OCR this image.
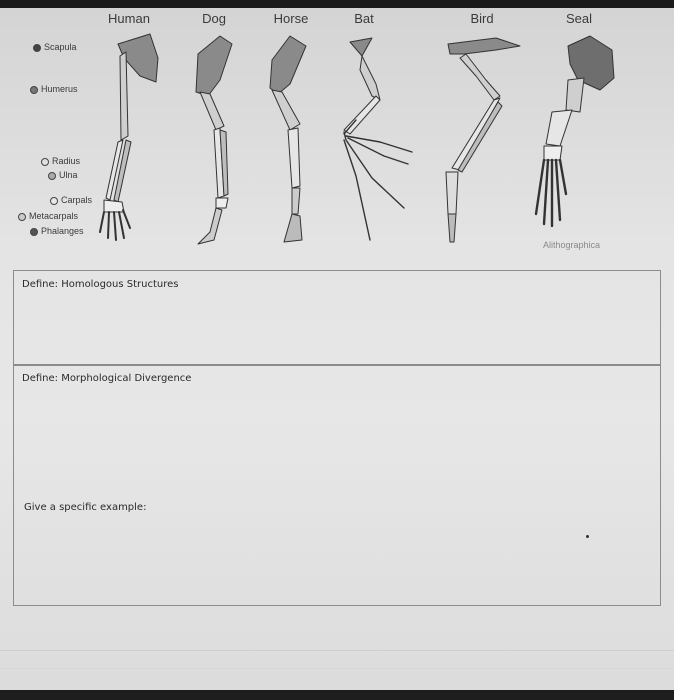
Human	Dog	Horse	Bat	Bird	Seal
Scapula
Humerus
Radius
Ulna
Carpals
Metacarpals
Phalanges
Alithographica
Define: Homologous Structures
Define: Morphological Divergence
Give a specific example:
